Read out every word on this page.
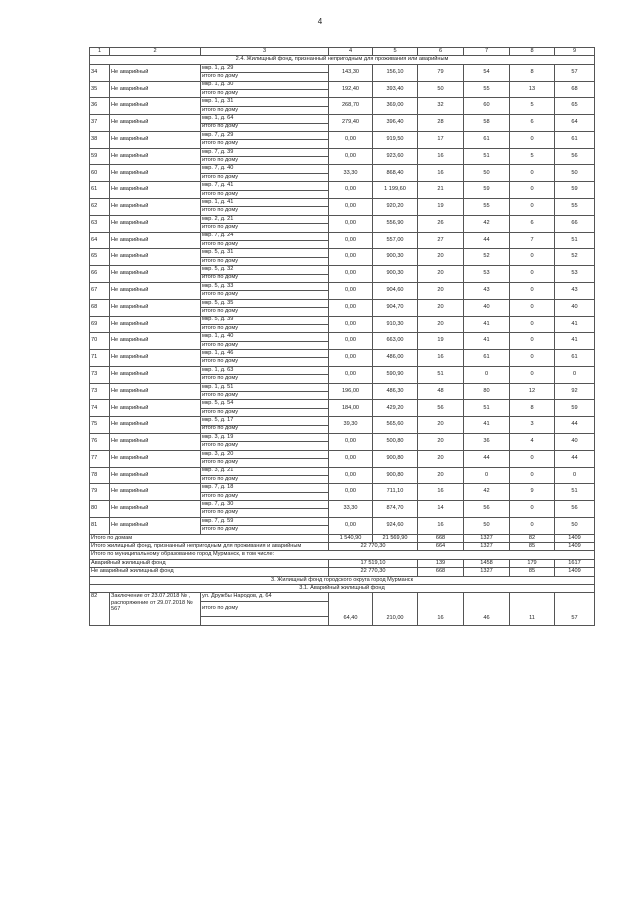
4
1	2	3	4	5	6	7	8	9
2.4. Жилищный фонд, признанный непригодным для проживания или аварийным								
34	Не аварийный	мкр. 1, д. 29	143,30	156,10	79	54	8	57
		итого по дому						
35	Не аварийный	мкр. 1, д. 30	192,40	393,40	50	55	13	68
		итого по дому						
36	Не аварийный	мкр. 1, д. 31	268,70	369,00	32	60	5	65
		итого по дому						
37	Не аварийный	мкр. 1, д. 64	279,40	396,40	28	58	6	64
		итого по дому						
38	Не аварийный	мкр. 7, д. 29	0,00	919,50	17	61	0	61
		итого по дому						
59	Не аварийный	мкр. 7, д. 39	0,00	923,60	16	51	5	56
		итого по дому						
60	Не аварийный	мкр. 7, д. 40	33,30	868,40	16	50	0	50
		итого по дому						
61	Не аварийный	мкр. 7, д. 41	0,00	1 199,60	21	59	0	59
		итого по дому						
62	Не аварийный	мкр. 1, д. 41	0,00	920,20	19	55	0	55
		итого по дому						
63	Не аварийный	мкр. 2, д. 21	0,00	556,90	26	42	6	66
		итого по дому						
64	Не аварийный	мкр. 7, д. 24	0,00	557,00	27	44	7	51
		итого по дому						
65	Не аварийный	мкр. 5, д. 31	0,00	900,30	20	52	0	52
		итого по дому						
66	Не аварийный	мкр. 5, д. 32	0,00	900,30	20	53	0	53
		итого по дому						
67	Не аварийный	мкр. 5, д. 33	0,00	904,60	20	43	0	43
		итого по дому						
68	Не аварийный	мкр. 5, д. 35	0,00	904,70	20	40	0	40
		итого по дому						
69	Не аварийный	мкр. 5, д. 39	0,00	910,30	20	41	0	41
		итого по дому						
70	Не аварийный	мкр. 1, д. 40	0,00	663,00	19	41	0	41
		итого по дому						
71	Не аварийный	мкр. 1, д. 46	0,00	486,00	16	61	0	61
		итого по дому						
73	Не аварийный	мкр. 1, д. 63	0,00	590,90	51	0	0	0
		итого по дому						
73	Не аварийный	мкр. 1, д. 51	196,00	486,30	48	80	12	92
		итого по дому						
74	Не аварийный	мкр. 5, д. 54	184,00	429,20	56	51	8	59
		итого по дому						
75	Не аварийный	мкр. 5, д. 17	39,30	565,60	20	41	3	44
		итого по дому						
76	Не аварийный	мкр. 3, д. 19	0,00	500,80	20	36	4	40
		итого по дому						
77	Не аварийный	мкр. 3, д. 20	0,00	900,80	20	44	0	44
		итого по дому						
78	Не аварийный	мкр. 3, д. 21	0,00	900,80	20	0	0	0
		итого по дому						
79	Не аварийный	мкр. 7, д. 18	0,00	711,10	16	42	9	51
		итого по дому						
80	Не аварийный	мкр. 7, д. 30	33,30	874,70	14	56	0	56
		итого по дому						
81	Не аварийный	мкр. 7, д. 59	0,00	924,60	16	50	0	50
		итого по дому						
Итого по домам			1 540,90	21 569,90	668	1327	82	1409
Итого жилищный фонд, признанный непригодным для проживания и аварийным			22 770,30		664	1327	85	1409
Итого по муниципальному образованию город Мурманск, в том числе:								
Аварийный жилищный фонд			17 519,10		139	1458	179	1617
Не аварийный жилищный фонд			22 770,30		668	1327	85	1409
3. Жилищный фонд городского округа город Мурманск								
3.1. Аварийный жилищный фонд								
82	Заключение от 23.07.2018 № , распоряжение от 29.07.2018 № 567	ул. Дружбы Народов, д. 64	64,40	210,00	16	46	11	57
		итого по дому						
